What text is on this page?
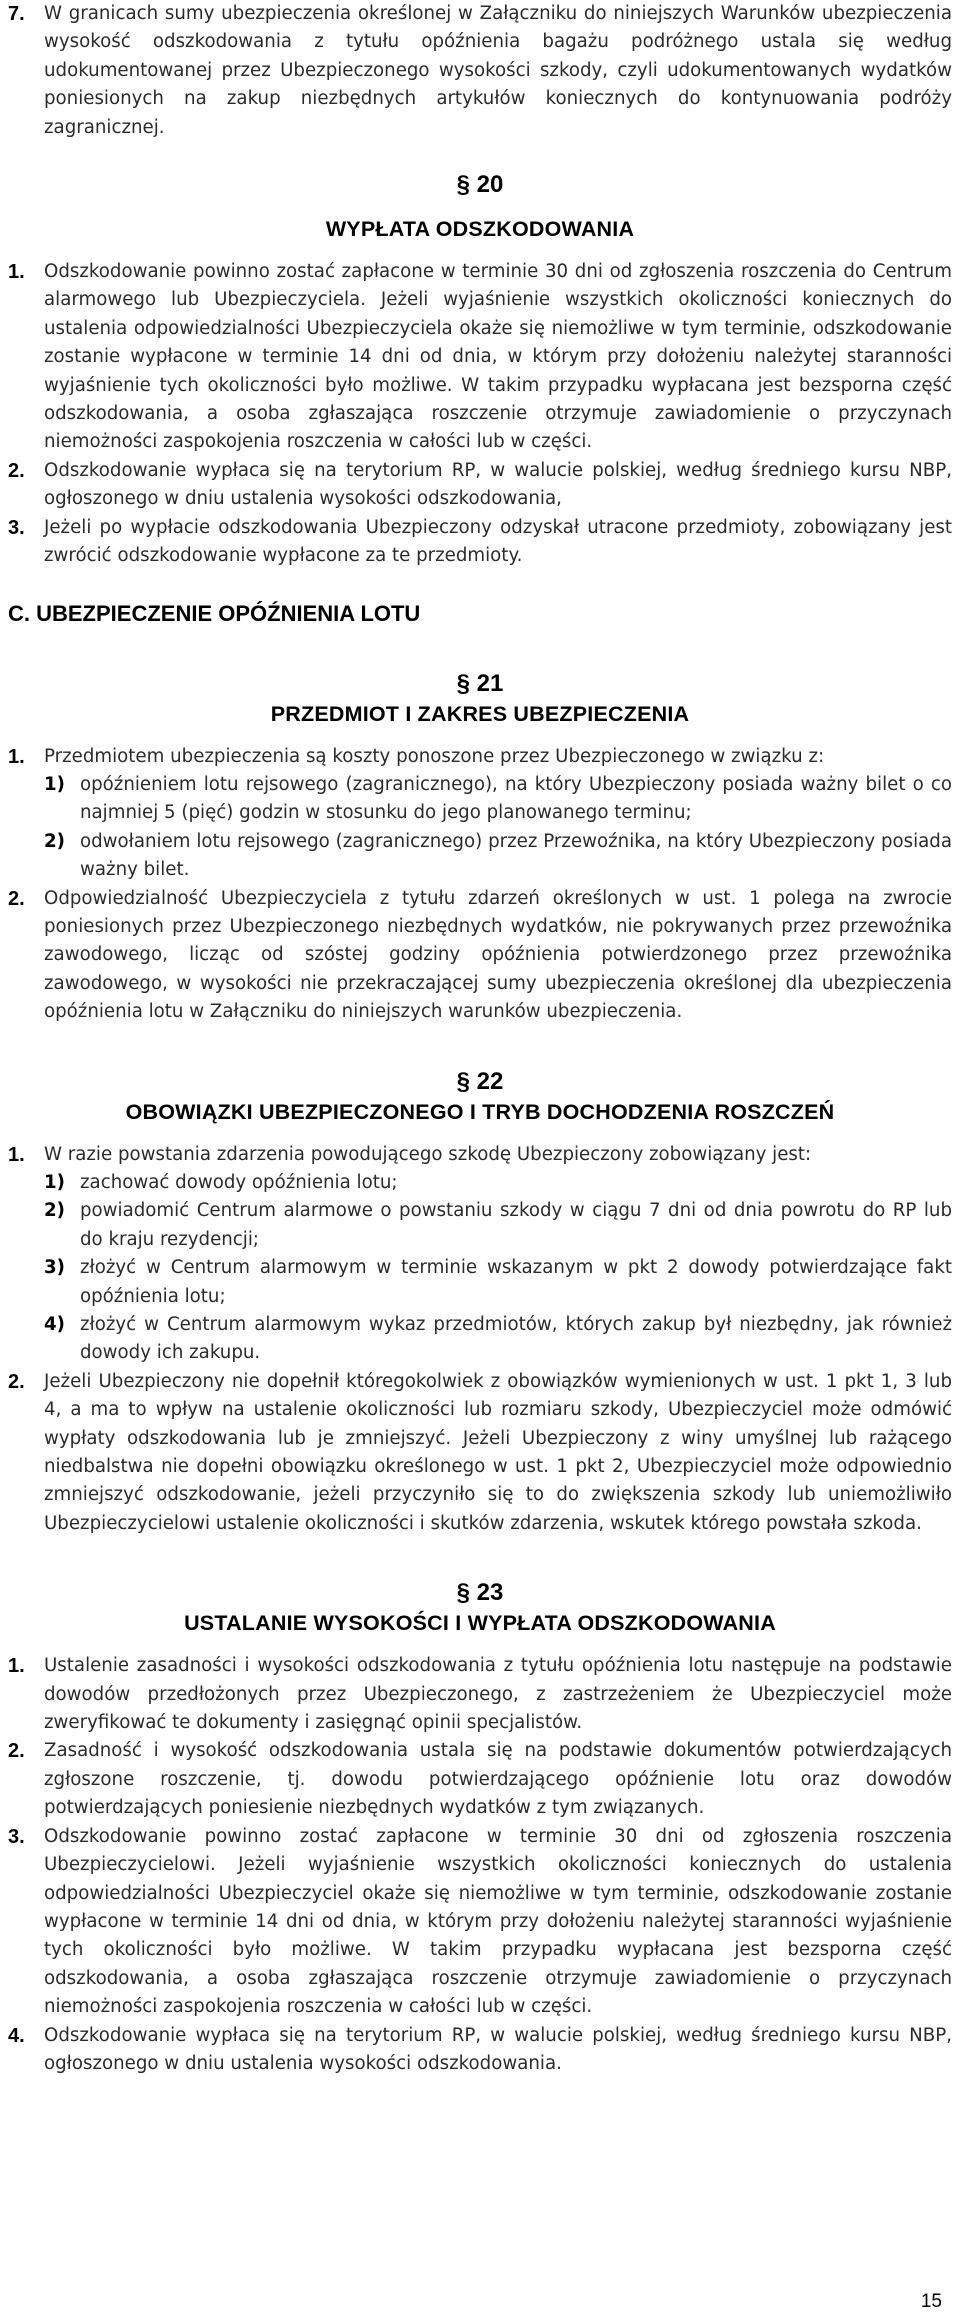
7.	W granicach sumy ubezpieczenia określonej w Załączniku do niniejszych Warunków ubezpieczenia wysokość odszkodowania z tytułu opóźnienia bagażu podróżnego ustala się według udokumentowanej przez Ubezpieczonego wysokości szkody, czyli udokumentowanych wydatków poniesionych na zakup niezbędnych artykułów koniecznych do kontynuowania podróży zagranicznej.
§ 20
WYPŁATA ODSZKODOWANIA
1.	Odszkodowanie powinno zostać zapłacone w terminie 30 dni od zgłoszenia roszczenia do Centrum alarmowego lub Ubezpieczyciela. Jeżeli wyjaśnienie wszystkich okoliczności koniecznych do ustalenia odpowiedzialności Ubezpieczyciela okaże się niemożliwe w tym terminie, odszkodowanie zostanie wypłacone w terminie 14 dni od dnia, w którym przy dołożeniu należytej staranności wyjaśnienie tych okoliczności było możliwe. W takim przypadku wypłacana jest bezsporna część odszkodowania, a osoba zgłaszająca roszczenie otrzymuje zawiadomienie o przyczynach niemożności zaspokojenia roszczenia w całości lub w części.
2.	Odszkodowanie wypłaca się na terytorium RP, w walucie polskiej, według średniego kursu NBP, ogłoszonego w dniu ustalenia wysokości odszkodowania,
3.	Jeżeli po wypłacie odszkodowania Ubezpieczony odzyskał utracone przedmioty, zobowiązany jest zwrócić odszkodowanie wypłacone za te przedmioty.
C. UBEZPIECZENIE OPÓŹNIENIA LOTU
§ 21
PRZEDMIOT I ZAKRES UBEZPIECZENIA
1.	Przedmiotem ubezpieczenia są koszty ponoszone przez Ubezpieczonego w związku z:
1) opóźnieniem lotu rejsowego (zagranicznego), na który Ubezpieczony posiada ważny bilet o co najmniej 5 (pięć) godzin w stosunku do jego planowanego terminu;
2) odwołaniem lotu rejsowego (zagranicznego) przez Przewoźnika, na który Ubezpieczony posiada ważny bilet.
2.	Odpowiedzialność Ubezpieczyciela z tytułu zdarzeń określonych w ust. 1 polega na zwrocie poniesionych przez Ubezpieczonego niezbędnych wydatków, nie pokrywanych przez przewoźnika zawodowego, licząc od szóstej godziny opóźnienia potwierdzonego przez przewoźnika zawodowego, w wysokości nie przekraczającej sumy ubezpieczenia określonej dla ubezpieczenia opóźnienia lotu w Załączniku do niniejszych warunków ubezpieczenia.
§ 22
OBOWIĄZKI UBEZPIECZONEGO I TRYB DOCHODZENIA ROSZCZEŃ
1.	W razie powstania zdarzenia powodującego szkodę Ubezpieczony zobowiązany jest:
1) zachować dowody opóźnienia lotu;
2) powiadomić Centrum alarmowe o powstaniu szkody w ciągu 7 dni od dnia powrotu do RP lub do kraju rezydencji;
3) złożyć w Centrum alarmowym w terminie wskazanym w pkt 2 dowody potwierdzające fakt opóźnienia lotu;
4) złożyć w Centrum alarmowym wykaz przedmiotów, których zakup był niezbędny, jak również dowody ich zakupu.
2.	Jeżeli Ubezpieczony nie dopełnił któregokolwiek z obowiązków wymienionych w ust. 1 pkt 1, 3 lub 4, a ma to wpływ na ustalenie okoliczności lub rozmiaru szkody, Ubezpieczyciel może odmówić wypłaty odszkodowania lub je zmniejszyć. Jeżeli Ubezpieczony z winy umyślnej lub rażącego niedbalstwa nie dopełni obowiązku określonego w ust. 1 pkt 2, Ubezpieczyciel może odpowiednio zmniejszyć odszkodowanie, jeżeli przyczyniło się to do zwiększenia szkody lub uniemożliwiło Ubezpieczycielowi ustalenie okoliczności i skutków zdarzenia, wskutek którego powstała szkoda.
§ 23
USTALANIE WYSOKOŚCI I WYPŁATA ODSZKODOWANIA
1.	Ustalenie zasadności i wysokości odszkodowania z tytułu opóźnienia lotu następuje na podstawie dowodów przedłożonych przez Ubezpieczonego, z zastrzeżeniem że Ubezpieczyciel może zweryfikować te dokumenty i zasięgnąć opinii specjalistów.
2.	Zasadność i wysokość odszkodowania ustala się na podstawie dokumentów potwierdzających zgłoszone roszczenie, tj. dowodu potwierdzającego opóźnienie lotu oraz dowodów potwierdzających poniesienie niezbędnych wydatków z tym związanych.
3.	Odszkodowanie powinno zostać zapłacone w terminie 30 dni od zgłoszenia roszczenia Ubezpieczycielowi. Jeżeli wyjaśnienie wszystkich okoliczności koniecznych do ustalenia odpowiedzialności Ubezpieczyciel okaże się niemożliwe w tym terminie, odszkodowanie zostanie wypłacone w terminie 14 dni od dnia, w którym przy dołożeniu należytej staranności wyjaśnienie tych okoliczności było możliwe. W takim przypadku wypłacana jest bezsporna część odszkodowania, a osoba zgłaszająca roszczenie otrzymuje zawiadomienie o przyczynach niemożności zaspokojenia roszczenia w całości lub w części.
4.	Odszkodowanie wypłaca się na terytorium RP, w walucie polskiej, według średniego kursu NBP, ogłoszonego w dniu ustalenia wysokości odszkodowania.
15
